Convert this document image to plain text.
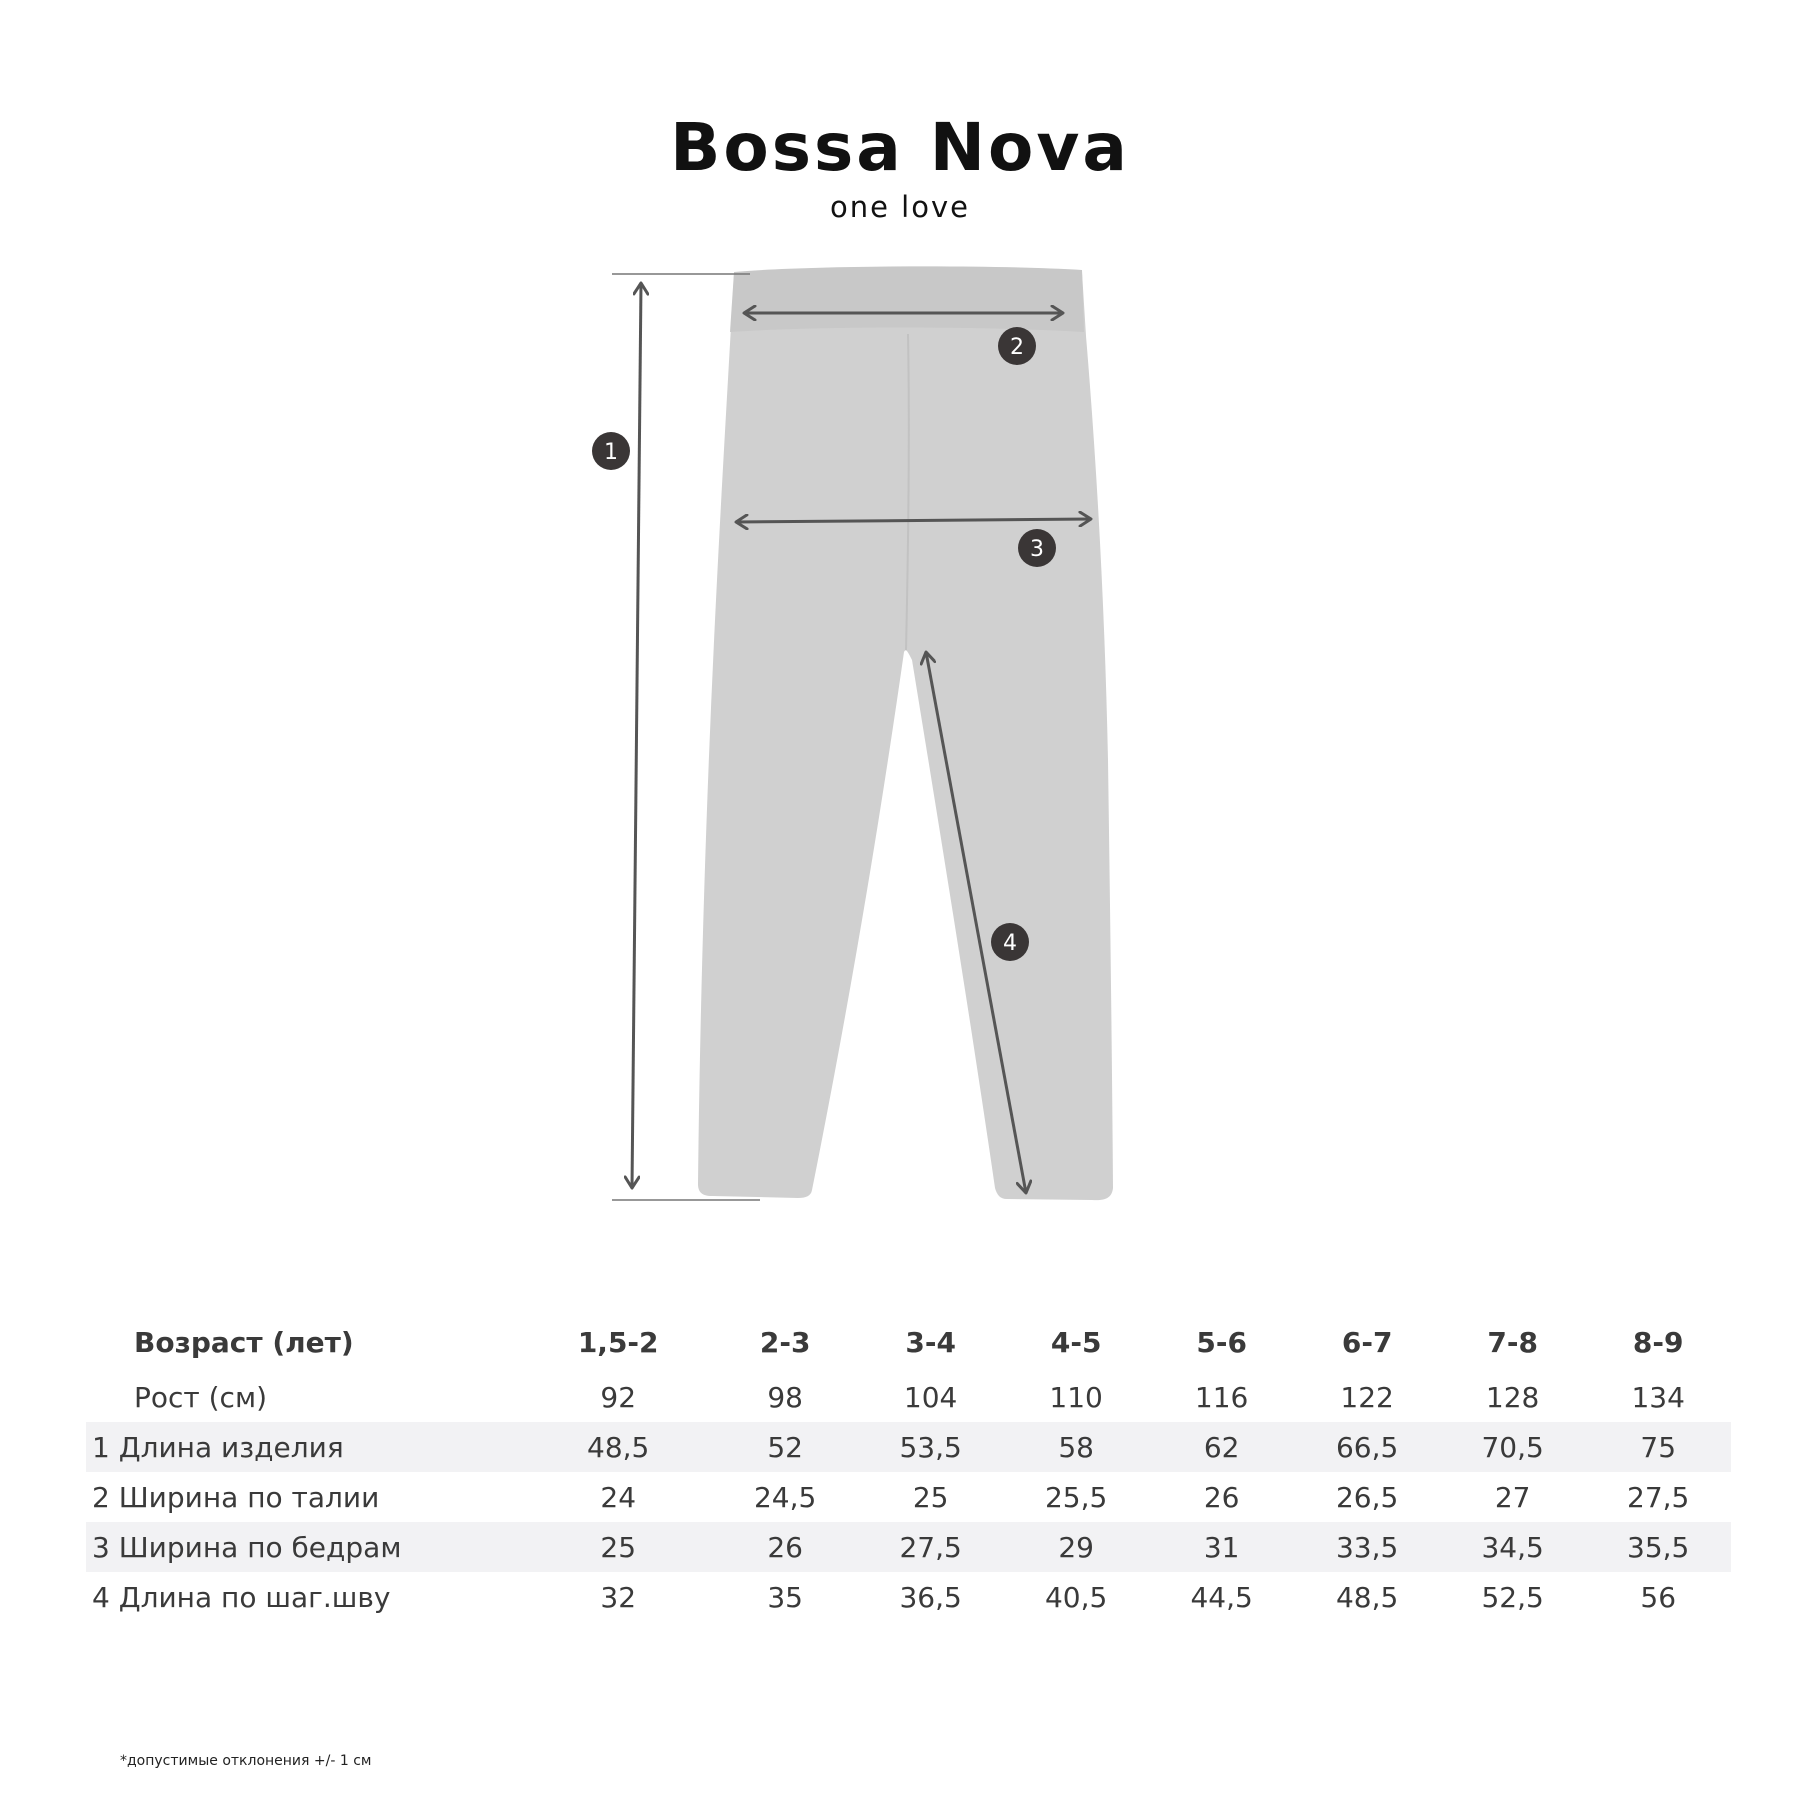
Bossa Nova
one love
1
2
3
4
Возраст (лет)	1,5-2	2-3	3-4	4-5	5-6	6-7	7-8	8-9
Рост (см)	92	98	104	110	116	122	128	134
1 Длина изделия	48,5	52	53,5	58	62	66,5	70,5	75
2 Ширина по талии	24	24,5	25	25,5	26	26,5	27	27,5
3 Ширина по бедрам	25	26	27,5	29	31	33,5	34,5	35,5
4 Длина по шаг.шву	32	35	36,5	40,5	44,5	48,5	52,5	56
*допустимые отклонения +/- 1 см
